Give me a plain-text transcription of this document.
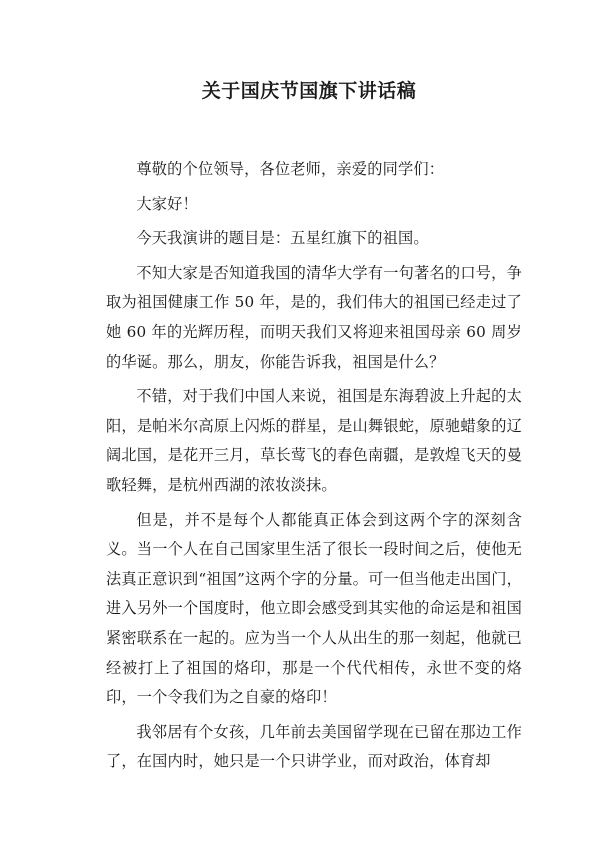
关于国庆节国旗下讲话稿

尊敬的个位领导，各位老师，亲爱的同学们：

大家好！

今天我演讲的题目是：五星红旗下的祖国。

不知大家是否知道我国的清华大学有一句著名的口号，争取为祖国健康工作 50 年，是的，我们伟大的祖国已经走过了她 60 年的光辉历程，而明天我们又将迎来祖国母亲 60 周岁的华诞。那么，朋友，你能告诉我，祖国是什么？

不错，对于我们中国人来说，祖国是东海碧波上升起的太阳，是帕米尔高原上闪烁的群星，是山舞银蛇，原驰蜡象的辽阔北国，是花开三月，草长莺飞的春色南疆，是敦煌飞天的曼歌轻舞，是杭州西湖的浓妆淡抹。

但是，并不是每个人都能真正体会到这两个字的深刻含义。当一个人在自己国家里生活了很长一段时间之后，使他无法真正意识到“祖国”这两个字的分量。可一但当他走出国门，进入另外一个国度时，他立即会感受到其实他的命运是和祖国紧密联系在一起的。应为当一个人从出生的那一刻起，他就已经被打上了祖国的烙印，那是一个代代相传，永世不变的烙印，一个令我们为之自豪的烙印！

我邻居有个女孩，几年前去美国留学现在已留在那边工作了，在国内时，她只是一个只讲学业，而对政治，体育却
